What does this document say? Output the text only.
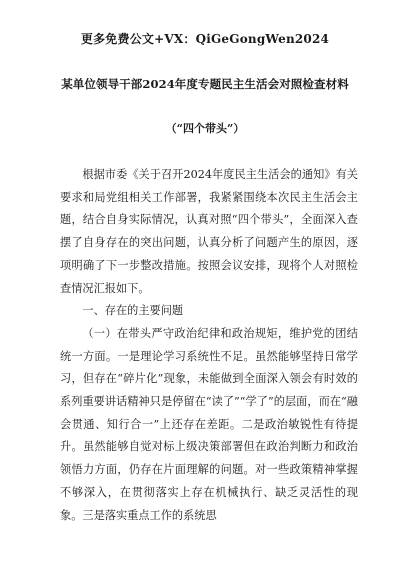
更多免费公文+VX：QiGeGongWen2024
某单位领导干部2024年度专题民主生活会对照检查材料
（“四个带头”）

根据市委《关于召开2024年度民主生活会的通知》有关要求和局党组相关工作部署，我紧紧围绕本次民主生活会主题，结合自身实际情况，认真对照“四个带头”，全面深入查摆了自身存在的突出问题，认真分析了问题产生的原因，逐项明确了下一步整改措施。按照会议安排，现将个人对照检查情况汇报如下。

一、存在的主要问题

（一）在带头严守政治纪律和政治规矩，维护党的团结统一方面。一是理论学习系统性不足。虽然能够坚持日常学习，但存在“碎片化”现象，未能做到全面深入领会有时效的系列重要讲话精神只是停留在“读了”“学了”的层面，而在“融会贯通、知行合一”上还存在差距。二是政治敏锐性有待提升。虽然能够自觉对标上级决策部署但在政治判断力和政治领悟力方面，仍存在片面理解的问题。对一些政策精神掌握不够深入，在贯彻落实上存在机械执行、缺乏灵活性的现象。三是落实重点工作的系统思
